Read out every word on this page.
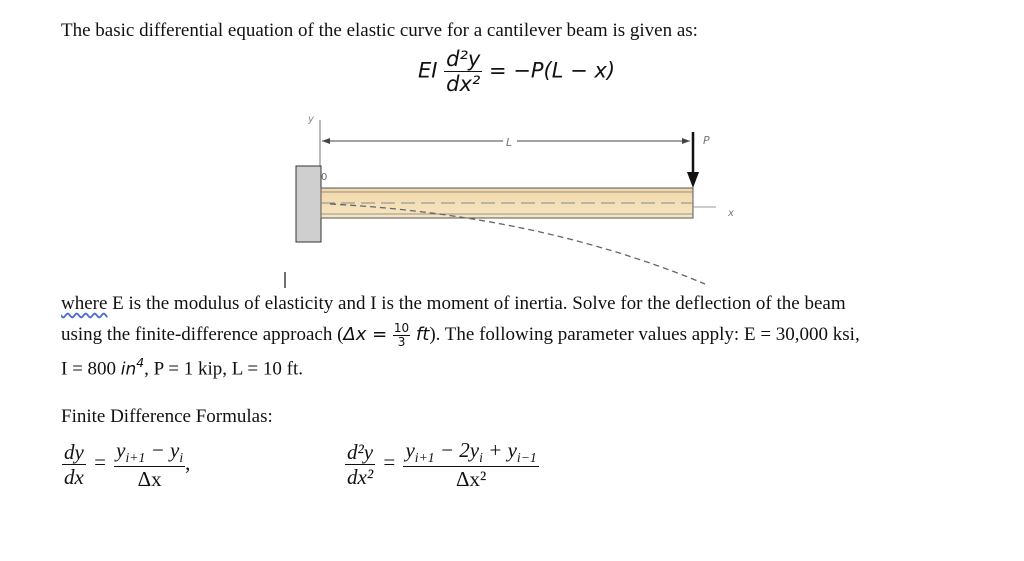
The basic differential equation of the elastic curve for a cantilever beam is given as:
EI $\frac{\text{d²y}}{\text{dx²}} = -P(L - x)$
y
L
0
x
P
where E is the modulus of elasticity and I is the moment of inertia. Solve for the deflection of the beam
using the finite-difference approach $(\Delta x = \frac{10}{3} ft)$. The following parameter values apply: E = 30,000 ksi,
I = 800 $in^4$, P = 1 kip, L = 10 ft.
Finite Difference Formulas:
$\frac{dy}{dx} = \frac{y_{i+1} - y_i}{\Delta x}$ ,	$\frac{\text{d²y}}{\text{dx²}} = \frac{y_{i+1} - 2y_i + y_{i-1}}{\text{Δx²}}$
